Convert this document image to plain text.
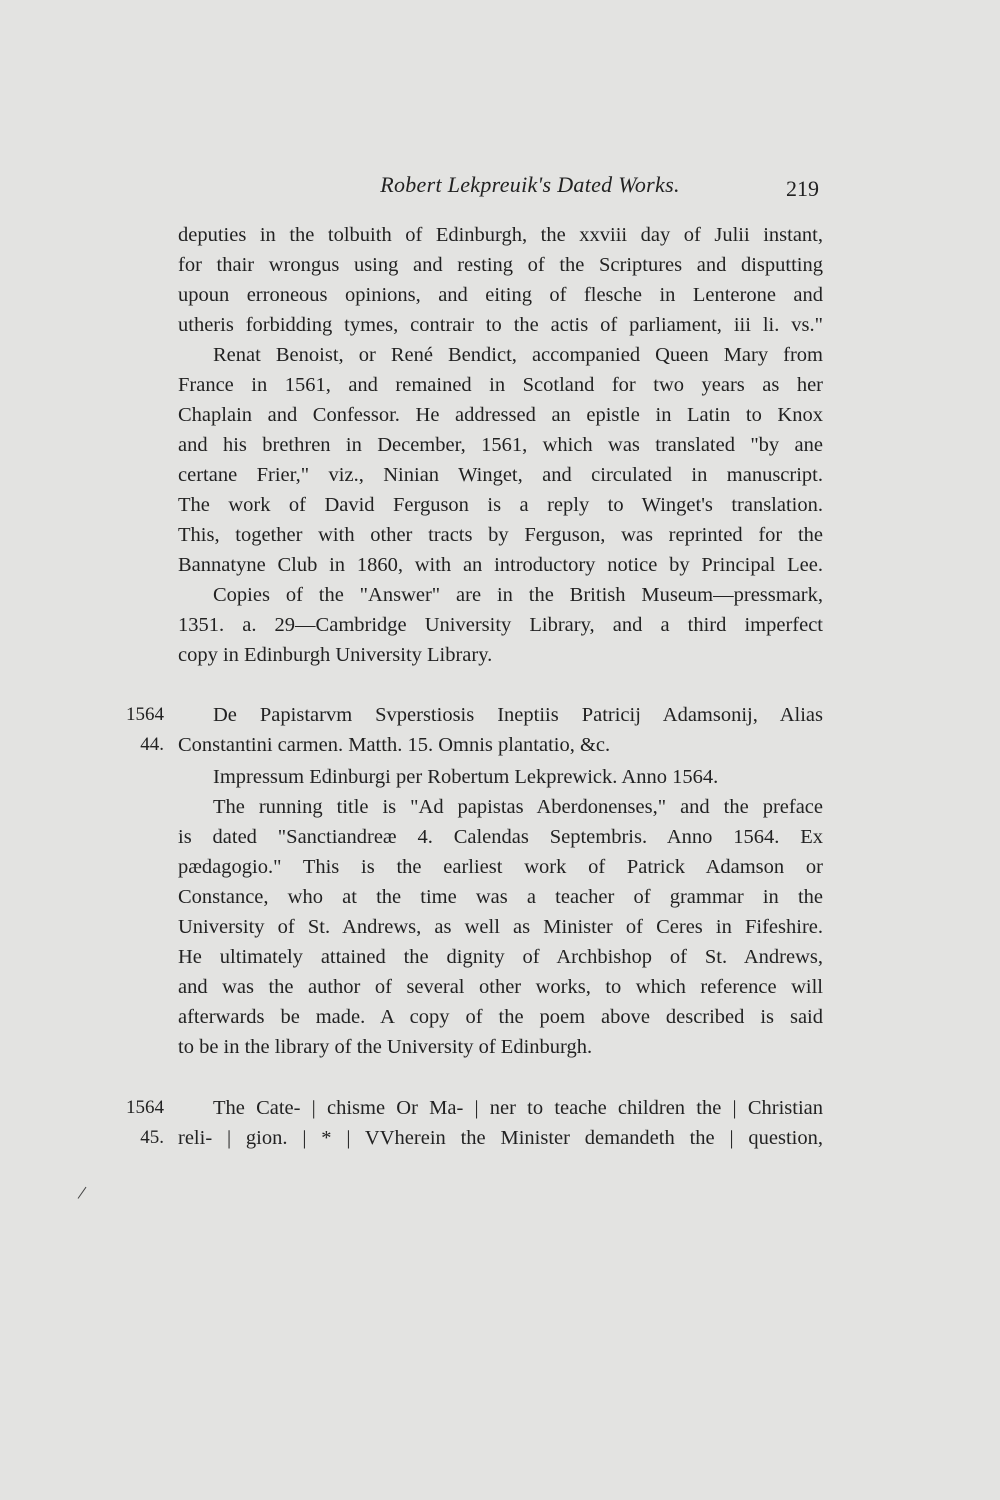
Robert Lekpreuik's Dated Works.	219
deputies in the tolbuith of Edinburgh, the xxviii day of Julii instant,
for thair wrongus using and resting of the Scriptures and disputting
upoun erroneous opinions, and eiting of flesche in Lenterone and
utheris forbidding tymes, contrair to the actis of parliament, iii li. vs."
Renat Benoist, or René Bendict, accompanied Queen Mary from
France in 1561, and remained in Scotland for two years as her
Chaplain and Confessor. He addressed an epistle in Latin to Knox
and his brethren in December, 1561, which was translated "by ane
certane Frier," viz., Ninian Winget, and circulated in manuscript.
The work of David Ferguson is a reply to Winget's translation.
This, together with other tracts by Ferguson, was reprinted for the
Bannatyne Club in 1860, with an introductory notice by Principal Lee.
Copies of the "Answer" are in the British Museum—pressmark,
1351. a. 29—Cambridge University Library, and a third imperfect
copy in Edinburgh University Library.
1564
44.
De Papistarvm Svperstiosis Ineptiis Patricij Adamsonij, Alias
Constantini carmen. Matth. 15. Omnis plantatio, &c.
Impressum Edinburgi per Robertum Lekprewick. Anno 1564.
The running title is "Ad papistas Aberdonenses," and the preface
is dated "Sanctiandreæ 4. Calendas Septembris. Anno 1564. Ex
pædagogio." This is the earliest work of Patrick Adamson or
Constance, who at the time was a teacher of grammar in the
University of St. Andrews, as well as Minister of Ceres in Fifeshire.
He ultimately attained the dignity of Archbishop of St. Andrews,
and was the author of several other works, to which reference will
afterwards be made. A copy of the poem above described is said
to be in the library of the University of Edinburgh.
1564
45.
The Cate- | chisme Or Ma- | ner to teache children the | Christian
reli- | gion. | * | VVherein the Minister demandeth the | question,
